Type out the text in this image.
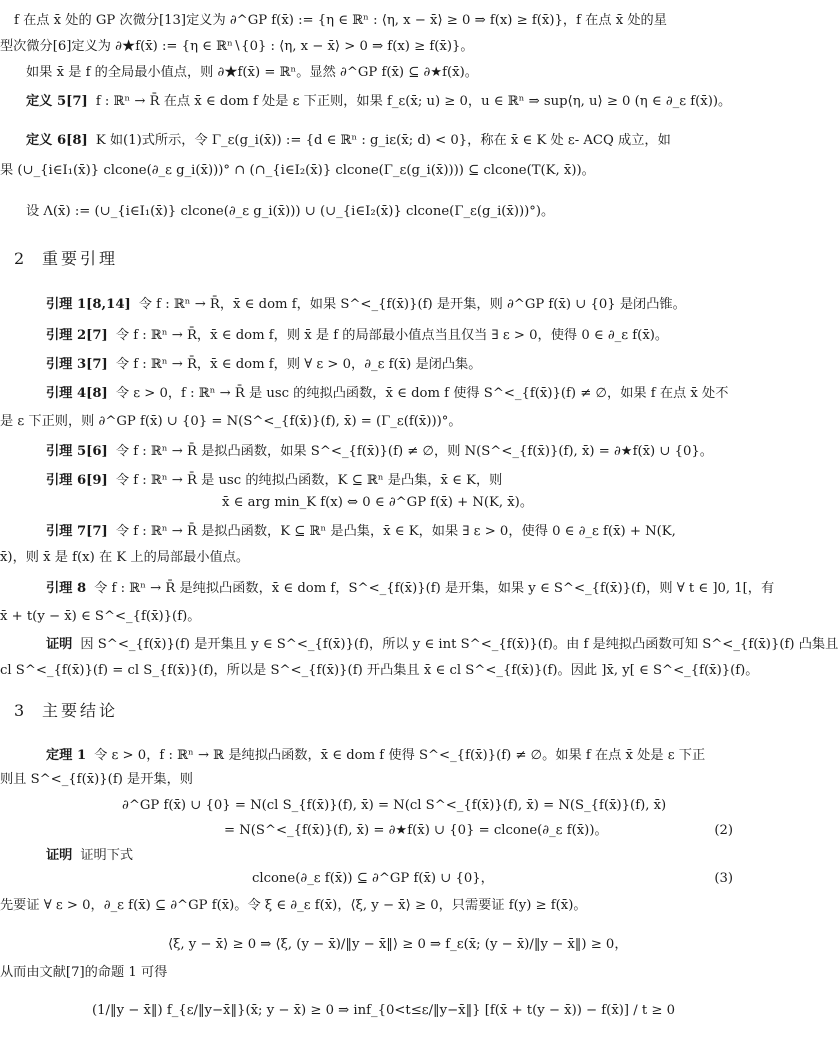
f 在点 x̄ 处的 GP 次微分[13]定义为 ∂^GP f(x̄) := {η ∈ ℝⁿ : ⟨η, x − x̄⟩ ≥ 0 ⇒ f(x) ≥ f(x̄)}，f 在点 x̄ 处的星
型次微分[6]定义为 ∂★f(x̄) := {η ∈ ℝⁿ∖{0} : ⟨η, x − x̄⟩ > 0 ⇒ f(x) ≥ f(x̄)}。
如果 x̄ 是 f 的全局最小值点，则 ∂★f(x̄) = ℝⁿ。显然 ∂^GP f(x̄) ⊆ ∂★f(x̄)。
定义 5[7] f : ℝⁿ → R̄ 在点 x̄ ∈ dom f 处是 ε 下正则，如果 f_ε(x̄; u) ≥ 0，u ∈ ℝⁿ ⇒ sup⟨η, u⟩ ≥ 0 (η ∈ ∂_ε f(x̄))。
定义 6[8] K 如(1)式所示，令 Γ_ε(g_i(x̄)) := {d ∈ ℝⁿ : g_iε(x̄; d) < 0}，称在 x̄ ∈ K 处 ε- ACQ 成立，如
果 (∪_{i∈I₁(x̄)} clcone(∂_ε g_i(x̄)))° ∩ (∩_{i∈I₂(x̄)} clcone(Γ_ε(g_i(x̄)))) ⊆ clcone(T(K, x̄))。
设 Λ(x̄) := (∪_{i∈I₁(x̄)} clcone(∂_ε g_i(x̄))) ∪ (∪_{i∈I₂(x̄)} clcone(Γ_ε(g_i(x̄)))°)。
2 重要引理
引理 1[8,14] 令 f : ℝⁿ → R̄，x̄ ∈ dom f，如果 S^<_{f(x̄)}(f) 是开集，则 ∂^GP f(x̄) ∪ {0} 是闭凸锥。
引理 2[7] 令 f : ℝⁿ → R̄，x̄ ∈ dom f，则 x̄ 是 f 的局部最小值点当且仅当 ∃ ε > 0，使得 0 ∈ ∂_ε f(x̄)。
引理 3[7] 令 f : ℝⁿ → R̄，x̄ ∈ dom f，则 ∀ ε > 0，∂_ε f(x̄) 是闭凸集。
引理 4[8] 令 ε > 0，f : ℝⁿ → R̄ 是 usc 的纯拟凸函数，x̄ ∈ dom f 使得 S^<_{f(x̄)}(f) ≠ ∅，如果 f 在点 x̄ 处不
是 ε 下正则，则 ∂^GP f(x̄) ∪ {0} = N(S^<_{f(x̄)}(f), x̄) = (Γ_ε(f(x̄)))°。
引理 5[6] 令 f : ℝⁿ → R̄ 是拟凸函数，如果 S^<_{f(x̄)}(f) ≠ ∅，则 N(S^<_{f(x̄)}(f), x̄) = ∂★f(x̄) ∪ {0}。
引理 6[9] 令 f : ℝⁿ → R̄ 是 usc 的纯拟凸函数，K ⊆ ℝⁿ 是凸集，x̄ ∈ K，则
x̄ ∈ arg min_K f(x) ⇔ 0 ∈ ∂^GP f(x̄) + N(K, x̄)。
引理 7[7] 令 f : ℝⁿ → R̄ 是拟凸函数，K ⊆ ℝⁿ 是凸集，x̄ ∈ K，如果 ∃ ε > 0，使得 0 ∈ ∂_ε f(x̄) + N(K,
x̄)，则 x̄ 是 f(x) 在 K 上的局部最小值点。
引理 8 令 f : ℝⁿ → R̄ 是纯拟凸函数，x̄ ∈ dom f，S^<_{f(x̄)}(f) 是开集，如果 y ∈ S^<_{f(x̄)}(f)，则 ∀ t ∈ ]0, 1[，有
x̄ + t(y − x̄) ∈ S^<_{f(x̄)}(f)。
证明 因 S^<_{f(x̄)}(f) 是开集且 y ∈ S^<_{f(x̄)}(f)，所以 y ∈ int S^<_{f(x̄)}(f)。由 f 是纯拟凸函数可知 S^<_{f(x̄)}(f) 凸集且
cl S^<_{f(x̄)}(f) = cl S_{f(x̄)}(f)，所以是 S^<_{f(x̄)}(f) 开凸集且 x̄ ∈ cl S^<_{f(x̄)}(f)。因此 ]x̄, y[ ∈ S^<_{f(x̄)}(f)。
3 主要结论
定理 1 令 ε > 0，f : ℝⁿ → ℝ 是纯拟凸函数，x̄ ∈ dom f 使得 S^<_{f(x̄)}(f) ≠ ∅。如果 f 在点 x̄ 处是 ε 下正
则且 S^<_{f(x̄)}(f) 是开集，则
∂^GP f(x̄) ∪ {0} = N(cl S_{f(x̄)}(f), x̄) = N(cl S^<_{f(x̄)}(f), x̄) = N(S_{f(x̄)}(f), x̄)
= N(S^<_{f(x̄)}(f), x̄) = ∂★f(x̄) ∪ {0} = clcone(∂_ε f(x̄))。	(2)
证明 证明下式
clcone(∂_ε f(x̄)) ⊆ ∂^GP f(x̄) ∪ {0}，	(3)
先要证 ∀ ε > 0，∂_ε f(x̄) ⊆ ∂^GP f(x̄)。令 ξ ∈ ∂_ε f(x̄)，⟨ξ, y − x̄⟩ ≥ 0，只需要证 f(y) ≥ f(x̄)。
⟨ξ, y − x̄⟩ ≥ 0 ⇒ ⟨ξ, (y − x̄)/‖y − x̄‖⟩ ≥ 0 ⇒ f_ε(x̄; (y − x̄)/‖y − x̄‖) ≥ 0，
从而由文献[7]的命题 1 可得
(1/‖y − x̄‖) f_{ε/‖y−x̄‖}(x̄; y − x̄) ≥ 0 ⇒ inf_{0<t≤ε/‖y−x̄‖} [f(x̄ + t(y − x̄)) − f(x̄)] / t ≥ 0
